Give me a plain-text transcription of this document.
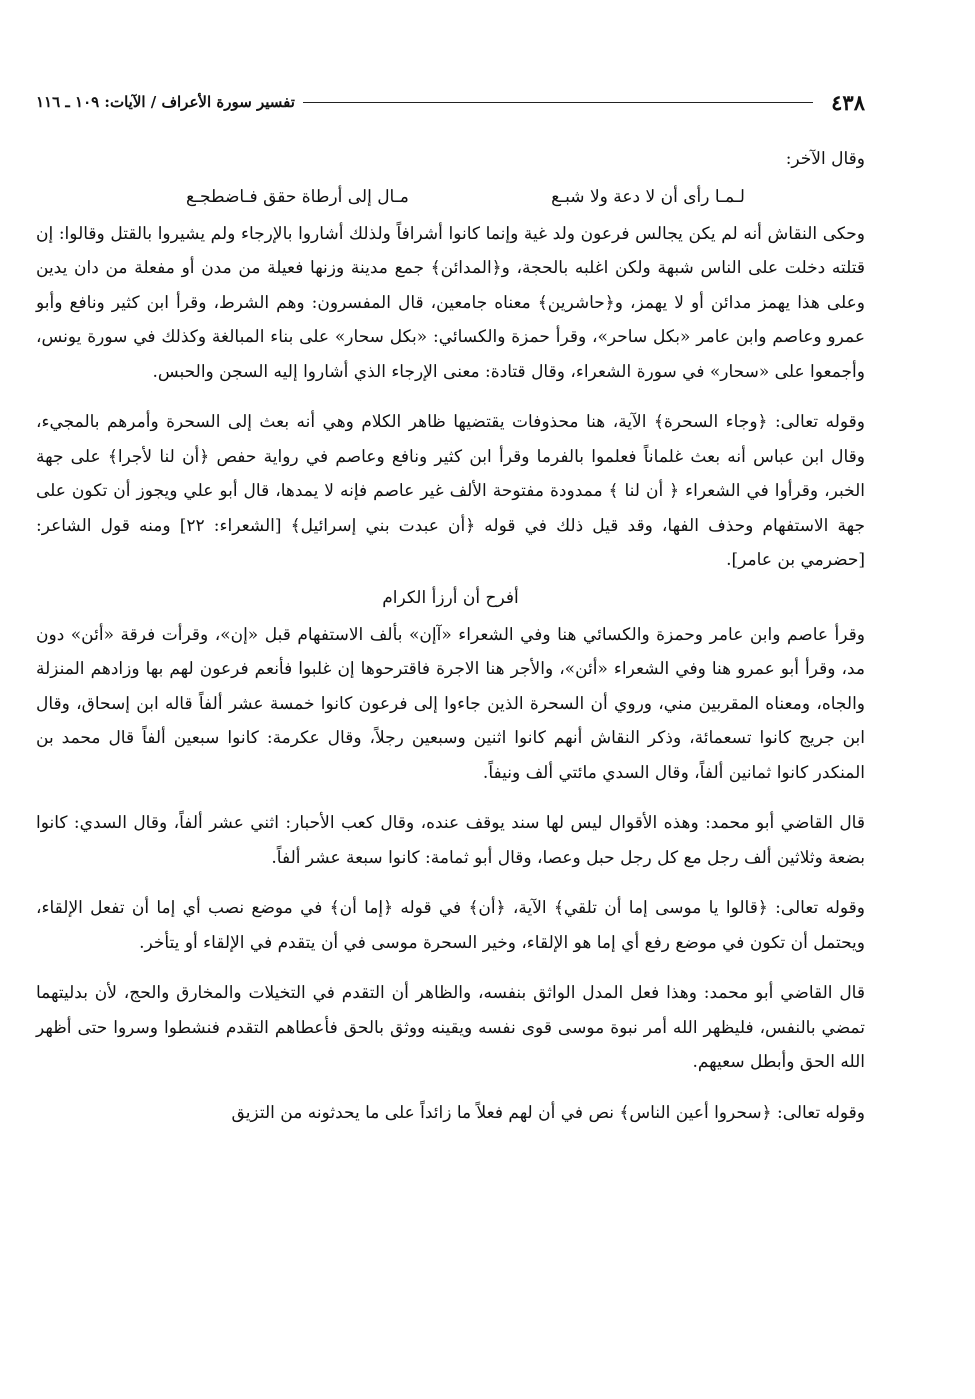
٤٣٨
تفسير سورة الأعراف / الآيات: ١٠٩ ـ ١١٦

وقال الآخر:

لـمـا رأى أن لا دعة ولا شبـع
مـال إلى أرطاة حقق فـاضطجـع

وحكى النقاش أنه لم يكن يجالس فرعون ولد غية وإنما كانوا أشرافاً ولذلك أشاروا بالإرجاء ولم يشيروا بالقتل وقالوا: إن قتلته دخلت على الناس شبهة ولكن اغلبه بالحجة، و﴿المدائن﴾ جمع مدينة وزنها فعيلة من مدن أو مفعلة من دان يدين وعلى هذا يهمز مدائن أو لا يهمز، و﴿حاشرين﴾ معناه جامعين، قال المفسرون: وهم الشرط، وقرأ ابن كثير ونافع وأبو عمرو وعاصم وابن عامر «بكل ساحر»، وقرأ حمزة والكسائي: «بكل سحار» على بناء المبالغة وكذلك في سورة يونس، وأجمعوا على «سحار» في سورة الشعراء، وقال قتادة: معنى الإرجاء الذي أشاروا إليه السجن والحبس.

وقوله تعالى: ﴿وجاء السحرة﴾ الآية، هنا محذوفات يقتضيها ظاهر الكلام وهي أنه بعث إلى السحرة وأمرهم بالمجيء، وقال ابن عباس أنه بعث غلماناً فعلموا بالفرما وقرأ ابن كثير ونافع وعاصم في رواية حفص ﴿أن لنا لأجرا﴾ على جهة الخبر، وقرأوا في الشعراء ﴿ أن لنا ﴾ ممدودة مفتوحة الألف غير عاصم فإنه لا يمدها، قال أبو علي ويجوز أن تكون على جهة الاستفهام وحذف الفها، وقد قيل ذلك في قوله ﴿أن عبدت بني إسرائيل﴾ [الشعراء: ٢٢] ومنه قول الشاعر: [حضرمي بن عامر].

أفرح أن أرزأ الكرام

وقرأ عاصم وابن عامر وحمزة والكسائي هنا وفي الشعراء «آإن» بألف الاستفهام قبل «إن»، وقرأت فرقة «أئن» دون مد، وقرأ أبو عمرو هنا وفي الشعراء «أئن»، والأجر هنا الاجرة فاقترحوها إن غلبوا فأنعم فرعون لهم بها وزادهم المنزلة والجاه، ومعناه المقربين مني، وروي أن السحرة الذين جاءوا إلى فرعون كانوا خمسة عشر ألفاً قاله ابن إسحاق، وقال ابن جريج كانوا تسعمائة، وذكر النقاش أنهم كانوا اثنين وسبعين رجلاً، وقال عكرمة: كانوا سبعين ألفاً قال محمد بن المنكدر كانوا ثمانين ألفاً، وقال السدي مائتي ألف ونيفاً.

قال القاضي أبو محمد: وهذه الأقوال ليس لها سند يوقف عنده، وقال كعب الأحبار: اثني عشر ألفاً، وقال السدي: كانوا بضعة وثلاثين ألف رجل مع كل رجل حبل وعصا، وقال أبو ثمامة: كانوا سبعة عشر ألفاً.

وقوله تعالى: ﴿قالوا يا موسى إما أن تلقي﴾ الآية، ﴿أن﴾ في قوله ﴿إما أن﴾ في موضع نصب أي إما أن تفعل الإلقاء، ويحتمل أن تكون في موضع رفع أي إما هو الإلقاء، وخير السحرة موسى في أن يتقدم في الإلقاء أو يتأخر.

قال القاضي أبو محمد: وهذا فعل المدل الواثق بنفسه، والظاهر أن التقدم في التخيلات والمخارق والحج، لأن بدليتهما تمضي بالنفس، فليظهر الله أمر نبوة موسى قوى نفسه ويقينه ووثق بالحق فأعطاهم التقدم فنشطوا وسروا حتى أظهر الله الحق وأبطل سعيهم.

وقوله تعالى: ﴿سحروا أعين الناس﴾ نص في أن لهم فعلاً ما زائداً على ما يحدثونه من التزيق
